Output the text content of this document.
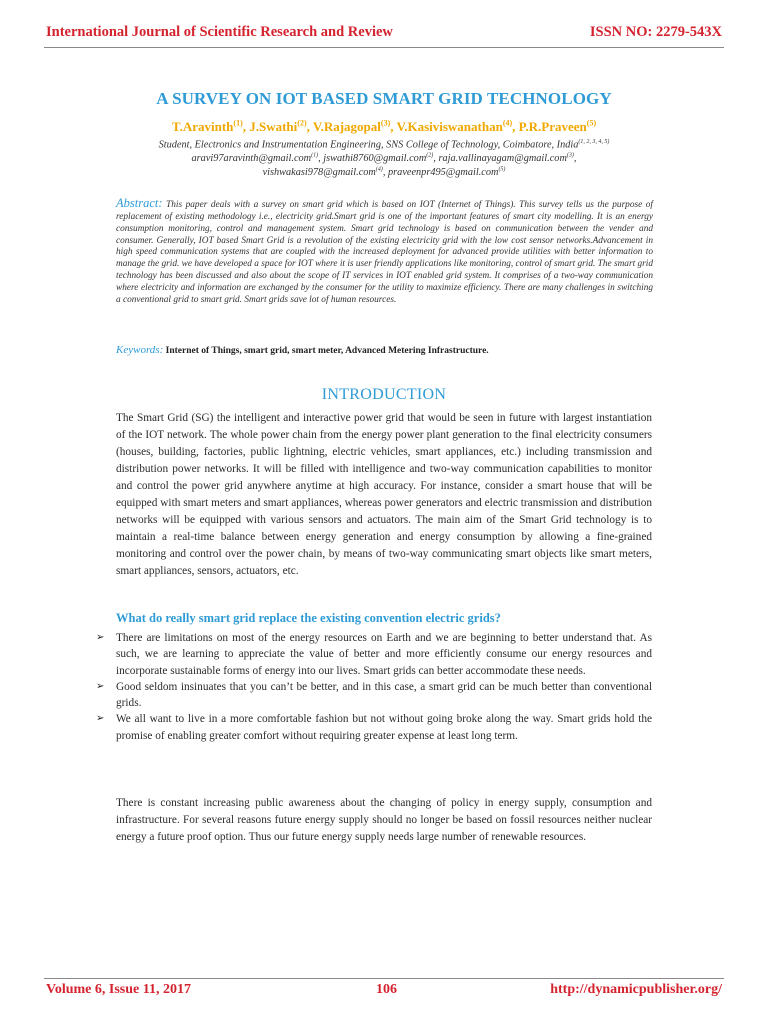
International Journal of Scientific Research and Review	ISSN NO: 2279-543X
A SURVEY ON IOT BASED SMART GRID TECHNOLOGY
T.Aravinth$^{(1)}$, J.Swathi$^{(2)}$, V.Rajagopal$^{(3)}$, V.Kasiviswanathan$^{(4)}$, P.R.Praveen$^{(5)}$
Student, Electronics and Instrumentation Engineering, SNS College of Technology, Coimbatore, India$^{(1, 2, 3, 4, 5)}$
aravi97aravinth@gmail.com$^{(1)}$, jswathi8760@gmail.com$^{(2)}$, raja.vallinayagam@gmail.com$^{(3)}$,
vishwakasi978@gmail.com$^{(4)}$, praveenpr495@gmail.com$^{(5)}$
Abstract: This paper deals with a survey on smart grid which is based on IOT (Internet of Things). This survey tells us the purpose of replacement of existing methodology i.e., electricity grid.Smart grid is one of the important features of smart city modelling. It is an energy consumption monitoring, control and management system. Smart grid technology is based on communication between the vender and consumer. Generally, IOT based Smart Grid is a revolution of the existing electricity grid with the low cost sensor networks.Advancement in high speed communication systems that are coupled with the increased deployment for advanced provide utilities with better information to manage the grid. we have developed a space for IOT where it is user friendly applications like monitoring, control of smart grid. The smart grid technology has been discussed and also about the scope of IT services in IOT enabled grid system. It comprises of a two-way communication where electricity and information are exchanged by the consumer for the utility to maximize efficiency. There are many challenges in switching a conventional grid to smart grid. Smart grids save lot of human resources.
Keywords: Internet of Things, smart grid, smart meter, Advanced Metering Infrastructure.
INTRODUCTION
The Smart Grid (SG) the intelligent and interactive power grid that would be seen in future with largest instantiation of the IOT network. The whole power chain from the energy power plant generation to the final electricity consumers (houses, building, factories, public lightning, electric vehicles, smart appliances, etc.) including transmission and distribution power networks. It will be filled with intelligence and two-way communication capabilities to monitor and control the power grid anywhere anytime at high accuracy. For instance, consider a smart house that will be equipped with smart meters and smart appliances, whereas power generators and electric transmission and distribution networks will be equipped with various sensors and actuators. The main aim of the Smart Grid technology is to maintain a real-time balance between energy generation and energy consumption by allowing a fine-grained monitoring and control over the power chain, by means of two-way communicating smart objects like smart meters, smart appliances, sensors, actuators, etc.
What do really smart grid replace the existing convention electric grids?
➢ There are limitations on most of the energy resources on Earth and we are beginning to better understand that. As such, we are learning to appreciate the value of better and more efficiently consume our energy resources and incorporate sustainable forms of energy into our lives. Smart grids can better accommodate these needs.
➢ Good seldom insinuates that you can’t be better, and in this case, a smart grid can be much better than conventional grids.
➢ We all want to live in a more comfortable fashion but not without going broke along the way. Smart grids hold the promise of enabling greater comfort without requiring greater expense at least long term.
There is constant increasing public awareness about the changing of policy in energy supply, consumption and infrastructure. For several reasons future energy supply should no longer be based on fossil resources neither nuclear energy a future proof option. Thus our future energy supply needs large number of renewable resources.
Volume 6, Issue 11, 2017	106	http://dynamicpublisher.org/
